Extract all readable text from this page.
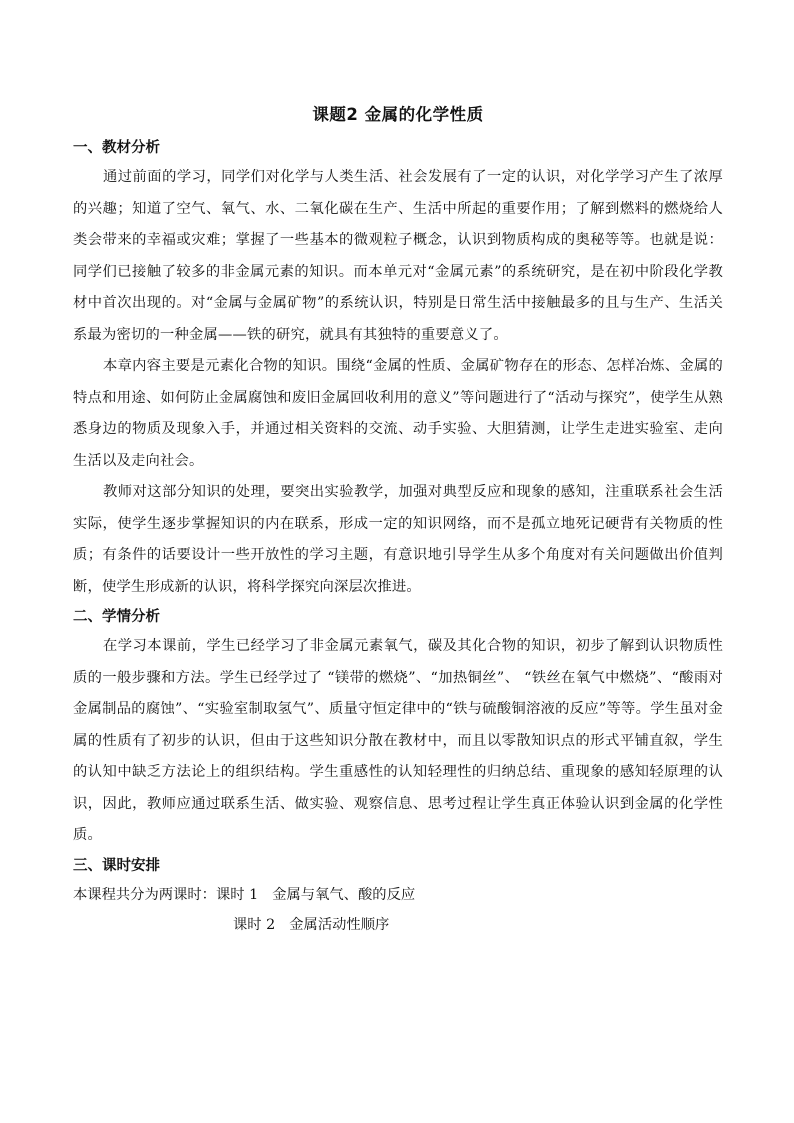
课题2 金属的化学性质
一、教材分析

通过前面的学习，同学们对化学与人类生活、社会发展有了一定的认识，对化学学习产生了浓厚的兴趣；知道了空气、氧气、水、二氧化碳在生产、生活中所起的重要作用；了解到燃料的燃烧给人类会带来的幸福或灾难；掌握了一些基本的微观粒子概念，认识到物质构成的奥秘等等。也就是说：同学们已接触了较多的非金属元素的知识。而本单元对“金属元素”的系统研究，是在初中阶段化学教材中首次出现的。对“金属与金属矿物”的系统认识，特别是日常生活中接触最多的且与生产、生活关系最为密切的一种金属——铁的研究，就具有其独特的重要意义了。

本章内容主要是元素化合物的知识。围绕“金属的性质、金属矿物存在的形态、怎样冶炼、金属的特点和用途、如何防止金属腐蚀和废旧金属回收利用的意义”等问题进行了“活动与探究”，使学生从熟悉身边的物质及现象入手，并通过相关资料的交流、动手实验、大胆猜测，让学生走进实验室、走向生活以及走向社会。

教师对这部分知识的处理，要突出实验教学，加强对典型反应和现象的感知，注重联系社会生活实际，使学生逐步掌握知识的内在联系，形成一定的知识网络，而不是孤立地死记硬背有关物质的性质；有条件的话要设计一些开放性的学习主题，有意识地引导学生从多个角度对有关问题做出价值判断，使学生形成新的认识，将科学探究向深层次推进。

二、学情分析

在学习本课前，学生已经学习了非金属元素氧气，碳及其化合物的知识，初步了解到认识物质性质的一般步骤和方法。学生已经学过了 “镁带的燃烧”、“加热铜丝”、 “铁丝在氧气中燃烧”、“酸雨对金属制品的腐蚀”、“实验室制取氢气”、质量守恒定律中的“铁与硫酸铜溶液的反应”等等。学生虽对金属的性质有了初步的认识，但由于这些知识分散在教材中，而且以零散知识点的形式平铺直叙，学生的认知中缺乏方法论上的组织结构。学生重感性的认知轻理性的归纳总结、重现象的感知轻原理的认识，因此，教师应通过联系生活、做实验、观察信息、思考过程让学生真正体验认识到金属的化学性质。

三、课时安排

本课程共分为两课时：课时 1 金属与氧气、酸的反应

课时 2 金属活动性顺序
